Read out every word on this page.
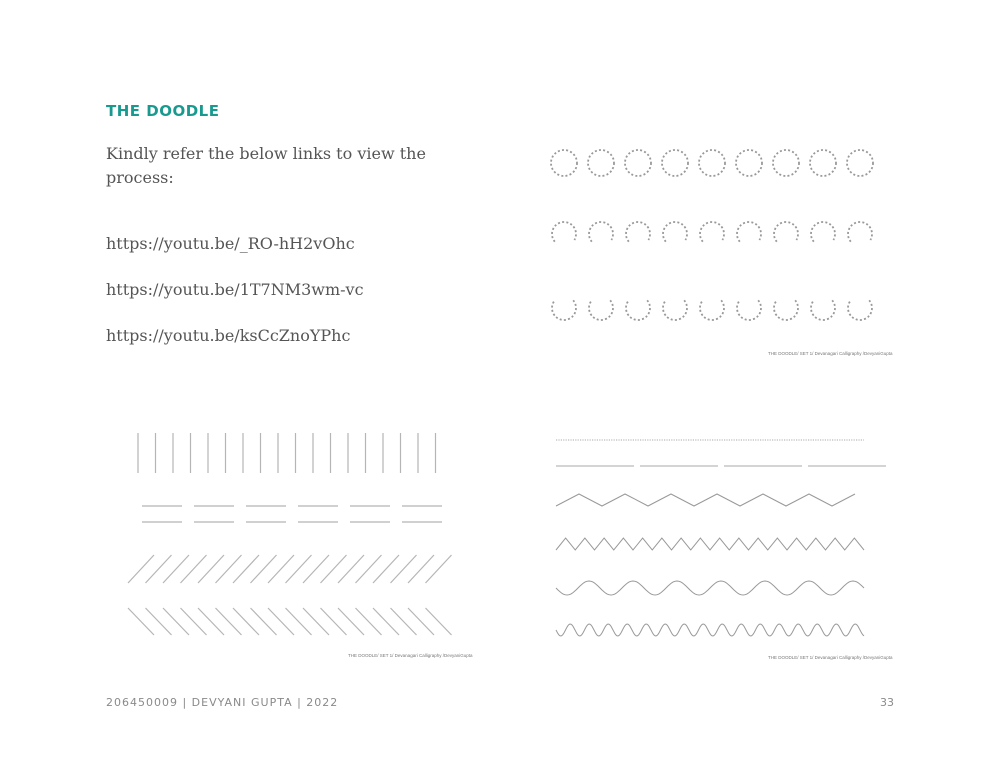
THE DOODLE
Kindly refer the below links to view the process:
https://youtu.be/_RO-hH2vOhc
https://youtu.be/1T7NM3wm-vc
https://youtu.be/ksCcZnoYPhc
THE DOODLE/ SET 1/ Devanagari Calligraphy /DevyaniGupta
THE DOODLE/ SET 1/ Devanagari Calligraphy /DevyaniGupta	THE DOODLE/ SET 1/ Devanagari Calligraphy /DevyaniGupta
206450009 | DEVYANI GUPTA | 2022	33
